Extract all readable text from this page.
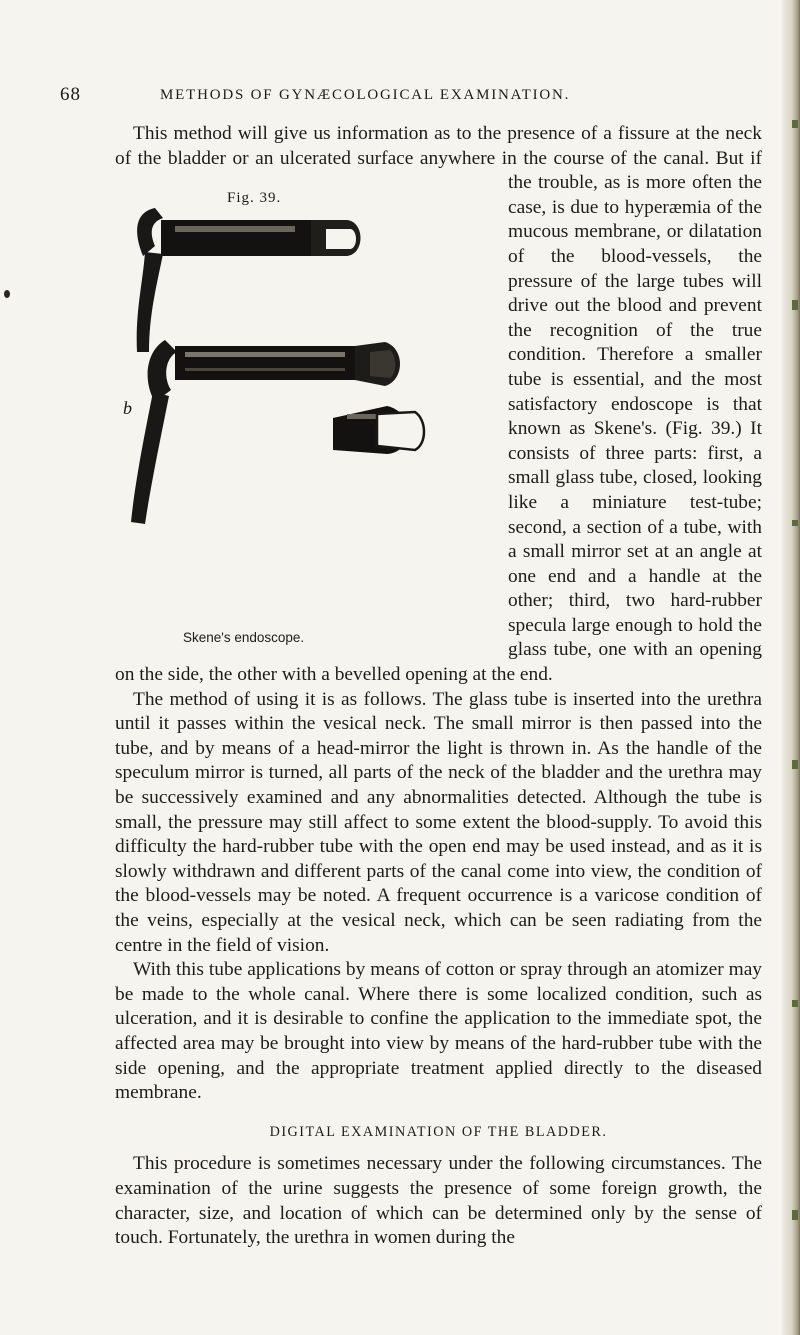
68	METHODS OF GYNÆCOLOGICAL EXAMINATION.

Fig. 39.
b
Skene's endoscope.
This method will give us information as to the presence of a fissure at the neck of the bladder or an ulcerated surface anywhere in the course of the canal. But if the trouble, as is more often the case, is due to hyperæmia of the mucous membrane, or dilatation of the blood-vessels, the pressure of the large tubes will drive out the blood and prevent the recognition of the true condition. Therefore a smaller tube is essential, and the most satisfactory endoscope is that known as Skene's. (Fig. 39.) It consists of three parts: first, a small glass tube, closed, looking like a miniature test-tube; second, a section of a tube, with a small mirror set at an angle at one end and a handle at the other; third, two hard-rubber specula large enough to hold the glass tube, one with an opening on the side, the other with a bevelled opening at the end.

The method of using it is as follows. The glass tube is inserted into the urethra until it passes within the vesical neck. The small mirror is then passed into the tube, and by means of a head-mirror the light is thrown in. As the handle of the speculum mirror is turned, all parts of the neck of the bladder and the urethra may be successively examined and any abnormalities detected. Although the tube is small, the pressure may still affect to some extent the blood-supply. To avoid this difficulty the hard-rubber tube with the open end may be used instead, and as it is slowly withdrawn and different parts of the canal come into view, the condition of the blood-vessels may be noted. A frequent occurrence is a varicose condition of the veins, especially at the vesical neck, which can be seen radiating from the centre in the field of vision.

With this tube applications by means of cotton or spray through an atomizer may be made to the whole canal. Where there is some localized condition, such as ulceration, and it is desirable to confine the application to the immediate spot, the affected area may be brought into view by means of the hard-rubber tube with the side opening, and the appropriate treatment applied directly to the diseased membrane.

DIGITAL EXAMINATION OF THE BLADDER.

This procedure is sometimes necessary under the following circumstances. The examination of the urine suggests the presence of some foreign growth, the character, size, and location of which can be determined only by the sense of touch. Fortunately, the urethra in women during the
